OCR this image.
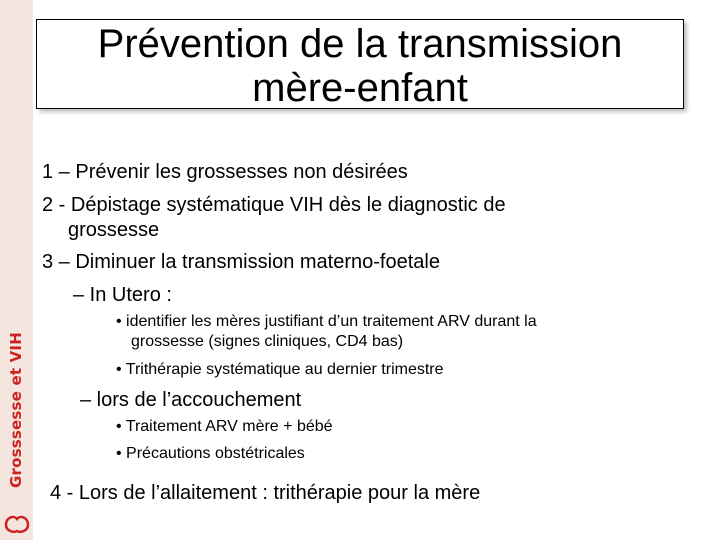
Grosssesse et VIH
Prévention de la transmission
mère-enfant
1 – Prévenir les grossesses non désirées
2 - Dépistage systématique VIH dès le diagnostic de
grossesse
3 – Diminuer la transmission materno-foetale
– In Utero :
• identifier les mères justifiant d’un traitement ARV durant la
grossesse (signes cliniques, CD4 bas)
• Trithérapie systématique au dernier trimestre
– lors de l’accouchement
• Traitement ARV mère + bébé
• Précautions obstétricales
4 - Lors de l’allaitement : trithérapie pour la mère
